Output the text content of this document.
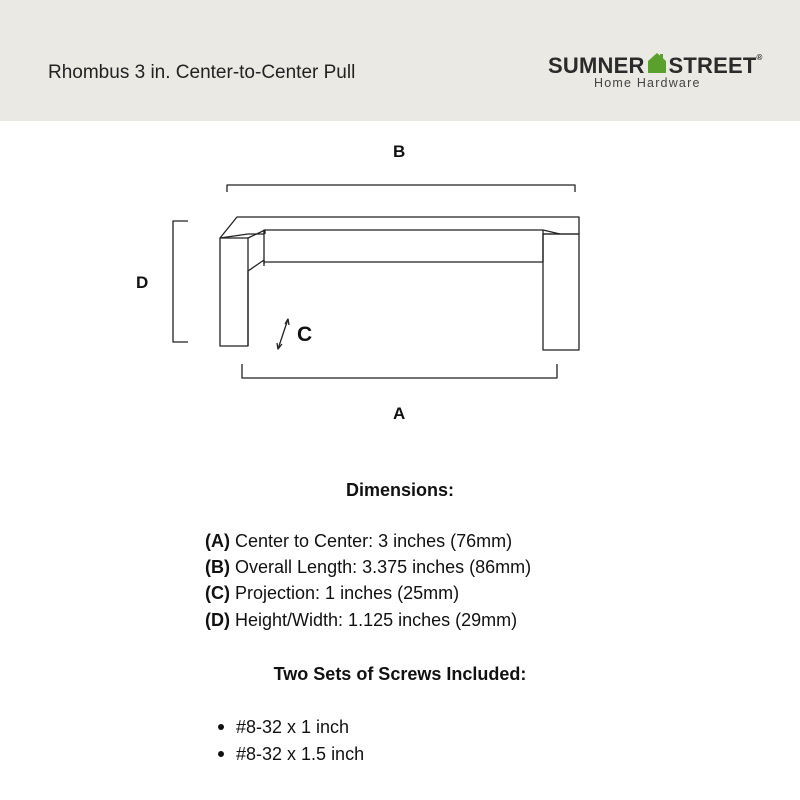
Rhombus 3 in. Center-to-Center Pull	SUMNER STREET®
Home Hardware
B
D
C
A
Dimensions:
(A) Center to Center: 3 inches (76mm)
(B) Overall Length: 3.375 inches (86mm)
(C) Projection: 1 inches (25mm)
(D) Height/Width: 1.125 inches (29mm)
Two Sets of Screws Included:
#8-32 x 1 inch
#8-32 x 1.5 inch
